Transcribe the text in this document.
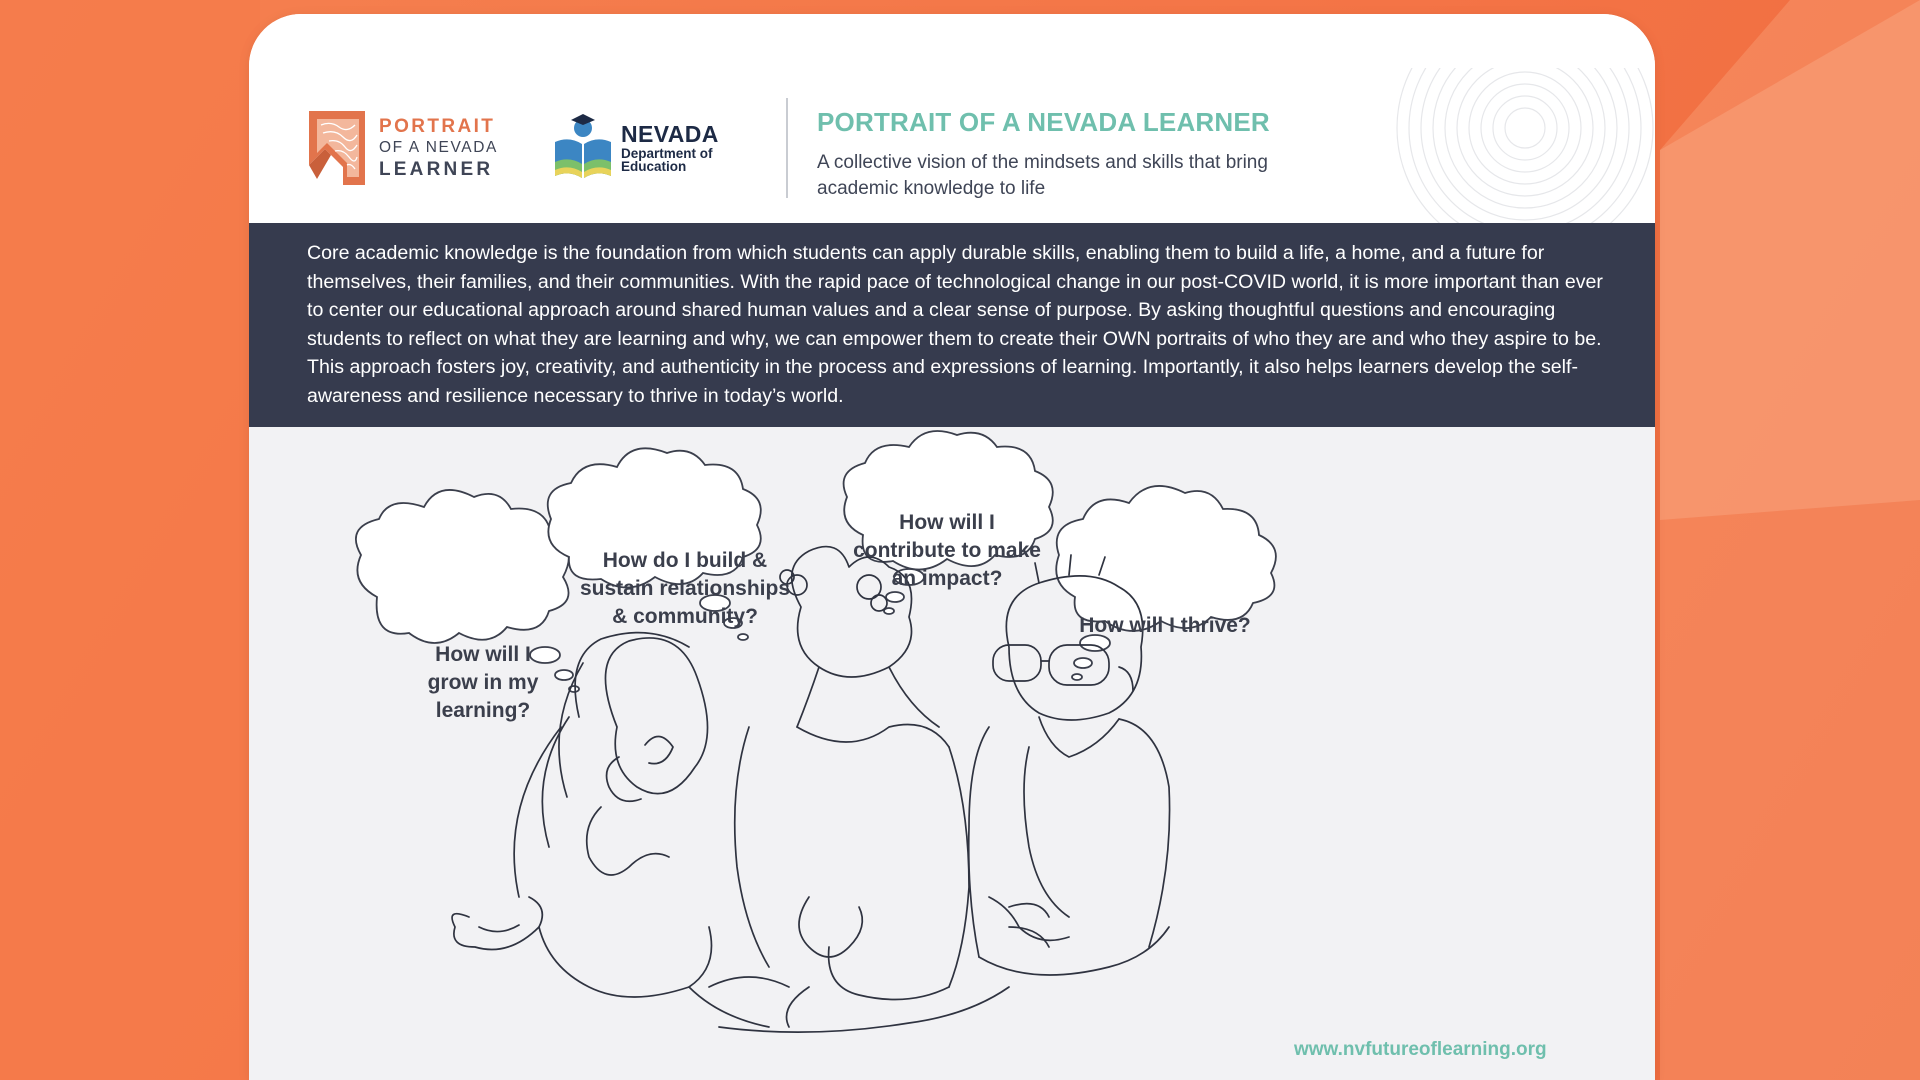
PORTRAIT
OF A NEVADA
LEARNER
NEVADA
Department of
Education
PORTRAIT OF A NEVADA LEARNER
A collective vision of the mindsets and skills that bring academic knowledge to life
Core academic knowledge is the foundation from which students can apply durable skills, enabling them to build a life, a home, and a future for themselves, their families, and their communities. With the rapid pace of technological change in our post-COVID world, it is more important than ever to center our educational approach around shared human values and a clear sense of purpose. By asking thoughtful questions and encouraging students to reflect on what they are learning and why, we can empower them to create their OWN portraits of who they are and who they aspire to be. This approach fosters joy, creativity, and authenticity in the process and expressions of learning. Importantly, it also helps learners develop the self-awareness and resilience necessary to thrive in today’s world.
How will I grow in my learning?
How do I build & sustain relationships & community?
How will I contribute to make an impact?
How will I thrive?
www.nvfutureoflearning.org
